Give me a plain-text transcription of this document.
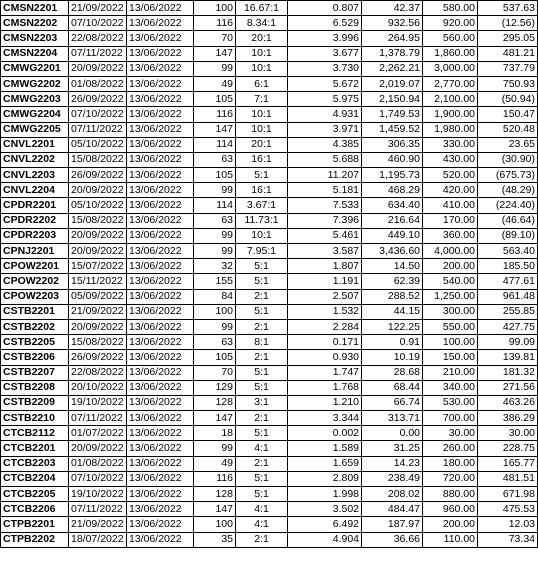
CMSN2201	21/09/2022	13/06/2022	100	16.67:1	0.807	42.37	580.00	537.63
CMSN2202	07/10/2022	13/06/2022	116	8.34:1	6.529	932.56	920.00	(12.56)
CMSN2203	22/08/2022	13/06/2022	70	20:1	3.996	264.95	560.00	295.05
CMSN2204	07/11/2022	13/06/2022	147	10:1	3.677	1,378.79	1,860.00	481.21
CMWG2201	20/09/2022	13/06/2022	99	10:1	3.730	2,262.21	3,000.00	737.79
CMWG2202	01/08/2022	13/06/2022	49	6:1	5.672	2,019.07	2,770.00	750.93
CMWG2203	26/09/2022	13/06/2022	105	7:1	5.975	2,150.94	2,100.00	(50.94)
CMWG2204	07/10/2022	13/06/2022	116	10:1	4.931	1,749.53	1,900.00	150.47
CMWG2205	07/11/2022	13/06/2022	147	10:1	3.971	1,459.52	1,980.00	520.48
CNVL2201	05/10/2022	13/06/2022	114	20:1	4.385	306.35	330.00	23.65
CNVL2202	15/08/2022	13/06/2022	63	16:1	5.688	460.90	430.00	(30.90)
CNVL2203	26/09/2022	13/06/2022	105	5:1	11.207	1,195.73	520.00	(675.73)
CNVL2204	20/09/2022	13/06/2022	99	16:1	5.181	468.29	420.00	(48.29)
CPDR2201	05/10/2022	13/06/2022	114	3.67:1	7.533	634.40	410.00	(224.40)
CPDR2202	15/08/2022	13/06/2022	63	11.73:1	7.396	216.64	170.00	(46.64)
CPDR2203	20/09/2022	13/06/2022	99	10:1	5.461	449.10	360.00	(89.10)
CPNJ2201	20/09/2022	13/06/2022	99	7.95:1	3.587	3,436.60	4,000.00	563.40
CPOW2201	15/07/2022	13/06/2022	32	5:1	1.807	14.50	200.00	185.50
CPOW2202	15/11/2022	13/06/2022	155	5:1	1.191	62.39	540.00	477.61
CPOW2203	05/09/2022	13/06/2022	84	2:1	2.507	288.52	1,250.00	961.48
CSTB2201	21/09/2022	13/06/2022	100	5:1	1.532	44.15	300.00	255.85
CSTB2202	20/09/2022	13/06/2022	99	2:1	2.284	122.25	550.00	427.75
CSTB2205	15/08/2022	13/06/2022	63	8:1	0.171	0.91	100.00	99.09
CSTB2206	26/09/2022	13/06/2022	105	2:1	0.930	10.19	150.00	139.81
CSTB2207	22/08/2022	13/06/2022	70	5:1	1.747	28.68	210.00	181.32
CSTB2208	20/10/2022	13/06/2022	129	5:1	1.768	68.44	340.00	271.56
CSTB2209	19/10/2022	13/06/2022	128	3:1	1.210	66.74	530.00	463.26
CSTB2210	07/11/2022	13/06/2022	147	2:1	3.344	313.71	700.00	386.29
CTCB2112	01/07/2022	13/06/2022	18	5:1	0.002	0.00	30.00	30.00
CTCB2201	20/09/2022	13/06/2022	99	4:1	1.589	31.25	260.00	228.75
CTCB2203	01/08/2022	13/06/2022	49	2:1	1.659	14.23	180.00	165.77
CTCB2204	07/10/2022	13/06/2022	116	5:1	2.809	238.49	720.00	481.51
CTCB2205	19/10/2022	13/06/2022	128	5:1	1.998	208.02	880.00	671.98
CTCB2206	07/11/2022	13/06/2022	147	4:1	3.502	484.47	960.00	475.53
CTPB2201	21/09/2022	13/06/2022	100	4:1	6.492	187.97	200.00	12.03
CTPB2202	18/07/2022	13/06/2022	35	2:1	4.904	36.66	110.00	73.34
